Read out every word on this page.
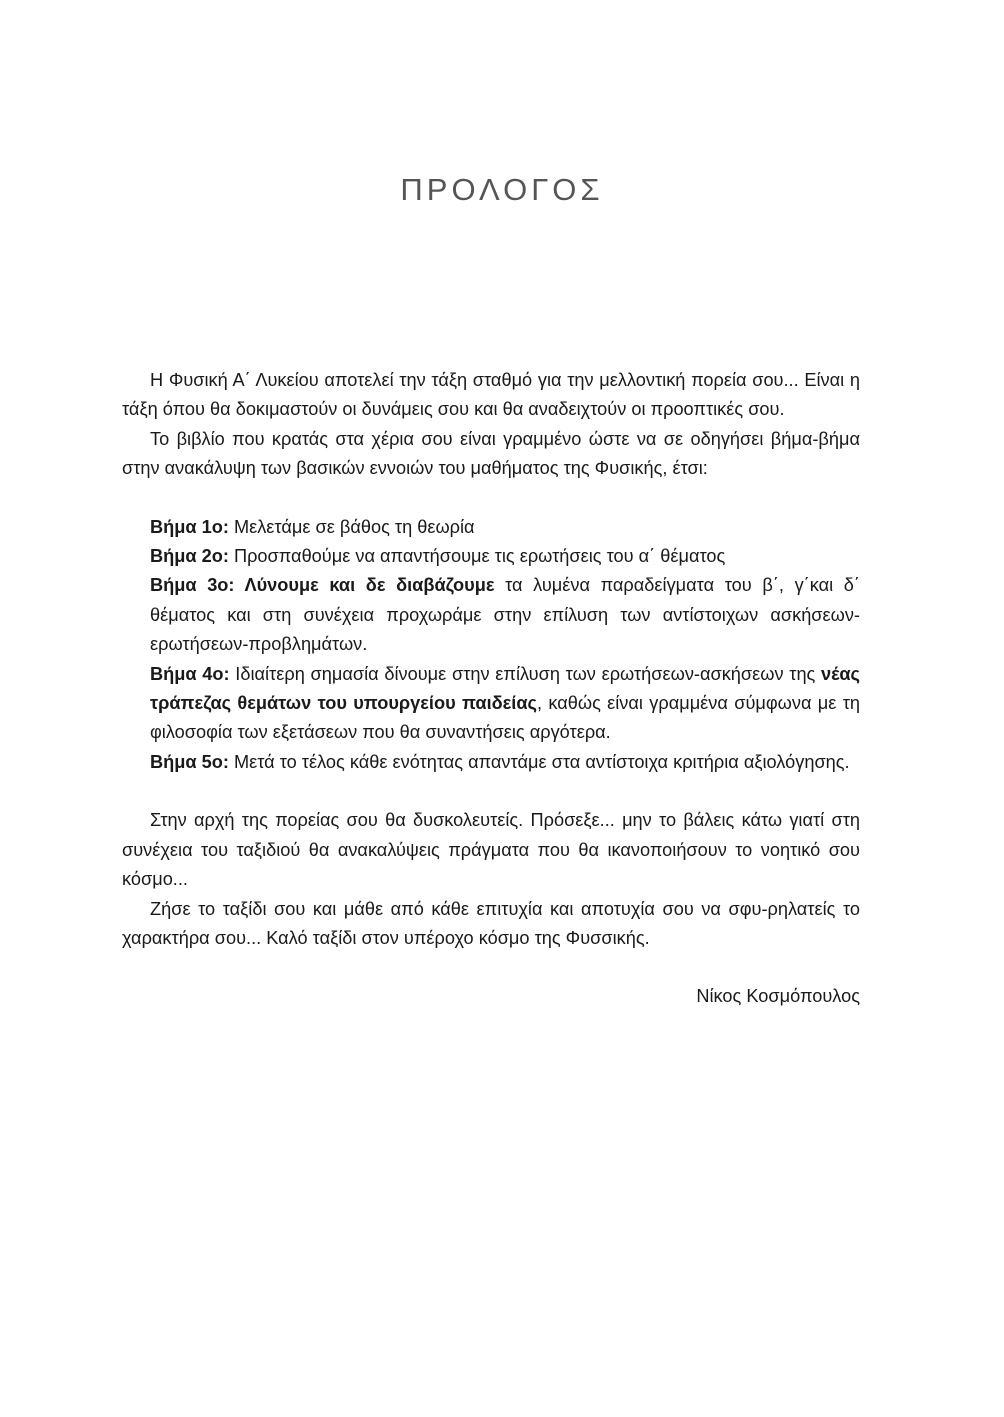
ΠΡΟΛΟΓΟΣ

Η Φυσική Α΄ Λυκείου αποτελεί την τάξη σταθμό για την μελλοντική πορεία σου... Είναι η τάξη όπου θα δοκιμαστούν οι δυνάμεις σου και θα αναδειχτούν οι προοπτικές σου.

Το βιβλίο που κρατάς στα χέρια σου είναι γραμμένο ώστε να σε οδηγήσει βήμα-βήμα στην ανακάλυψη των βασικών εννοιών του μαθήματος της Φυσικής, έτσι:

Βήμα 1ο: Μελετάμε σε βάθος τη θεωρία

Βήμα 2ο: Προσπαθούμε να απαντήσουμε τις ερωτήσεις του α΄ θέματος

Βήμα 3ο: Λύνουμε και δε διαβάζουμε τα λυμένα παραδείγματα του β΄, γ΄και δ΄ θέματος και στη συνέχεια προχωράμε στην επίλυση των αντίστοιχων ασκήσεων-ερωτήσεων-προβλημάτων.

Βήμα 4ο: Ιδιαίτερη σημασία δίνουμε στην επίλυση των ερωτήσεων-ασκήσεων της νέας τράπεζας θεμάτων του υπουργείου παιδείας, καθώς είναι γραμμένα σύμφωνα με τη φιλοσοφία των εξετάσεων που θα συναντήσεις αργότερα.

Βήμα 5ο: Μετά το τέλος κάθε ενότητας απαντάμε στα αντίστοιχα κριτήρια αξιολόγησης.

Στην αρχή της πορείας σου θα δυσκολευτείς. Πρόσεξε... μην το βάλεις κάτω γιατί στη συνέχεια του ταξιδιού θα ανακαλύψεις πράγματα που θα ικανοποιήσουν το νοητικό σου κόσμο...

Ζήσε το ταξίδι σου και μάθε από κάθε επιτυχία και αποτυχία σου να σφυ-ρηλατείς το χαρακτήρα σου... Καλό ταξίδι στον υπέροχο κόσμο της Φυσσικής.

Νίκος Κοσμόπουλος
